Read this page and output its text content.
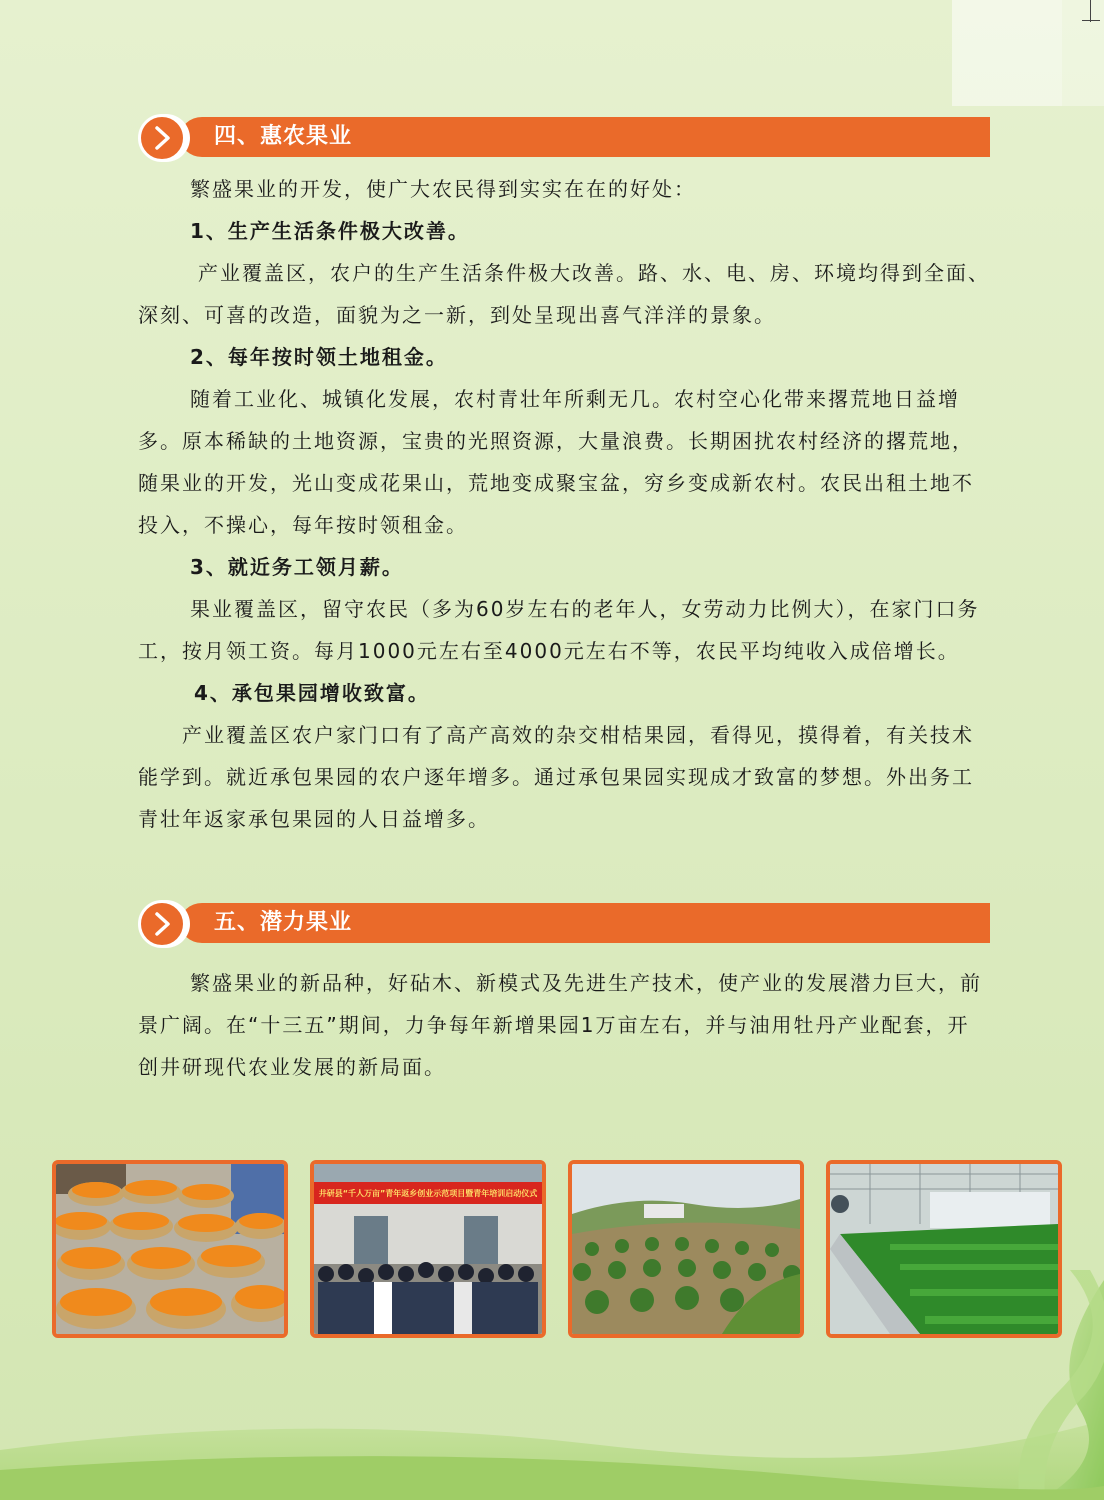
四、惠农果业

繁盛果业的开发，使广大农民得到实实在在的好处：

1、生产生活条件极大改善。

产业覆盖区，农户的生产生活条件极大改善。路、水、电、房、环境均得到全面、深刻、可喜的改造，面貌为之一新，到处呈现出喜气洋洋的景象。

2、每年按时领土地租金。

随着工业化、城镇化发展，农村青壮年所剩无几。农村空心化带来撂荒地日益增多。原本稀缺的土地资源，宝贵的光照资源，大量浪费。长期困扰农村经济的撂荒地，随果业的开发，光山变成花果山，荒地变成聚宝盆，穷乡变成新农村。农民出租土地不投入，不操心，每年按时领租金。

3、就近务工领月薪。

果业覆盖区，留守农民（多为60岁左右的老年人，女劳动力比例大），在家门口务工，按月领工资。每月1000元左右至4000元左右不等，农民平均纯收入成倍增长。

4、承包果园增收致富。

产业覆盖区农户家门口有了高产高效的杂交柑桔果园，看得见，摸得着，有关技术能学到。就近承包果园的农户逐年增多。通过承包果园实现成才致富的梦想。外出务工青壮年返家承包果园的人日益增多。

五、潜力果业

繁盛果业的新品种，好砧木、新模式及先进生产技术，使产业的发展潜力巨大，前景广阔。在“十三五”期间，力争每年新增果园1万亩左右，并与油用牡丹产业配套，开创井研现代农业发展的新局面。

井研县“千人万亩”青年返乡创业示范项目暨青年培训启动仪式
